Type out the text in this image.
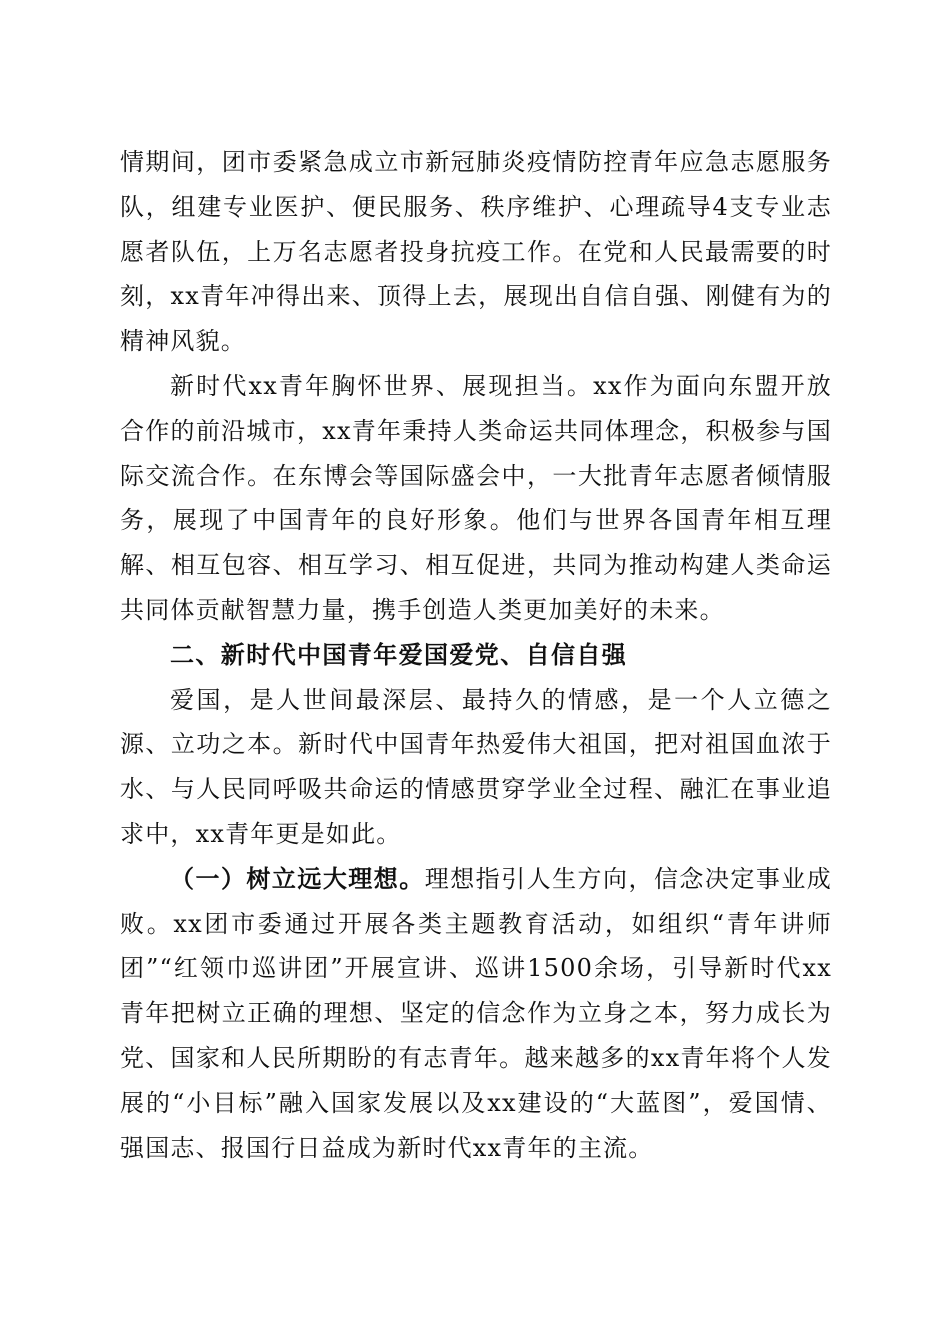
情期间，团市委紧急成立市新冠肺炎疫情防控青年应急志愿服务队，组建专业医护、便民服务、秩序维护、心理疏导4支专业志愿者队伍，上万名志愿者投身抗疫工作。在党和人民最需要的时刻，xx青年冲得出来、顶得上去，展现出自信自强、刚健有为的精神风貌。

新时代xx青年胸怀世界、展现担当。xx作为面向东盟开放合作的前沿城市，xx青年秉持人类命运共同体理念，积极参与国际交流合作。在东博会等国际盛会中，一大批青年志愿者倾情服务，展现了中国青年的良好形象。他们与世界各国青年相互理解、相互包容、相互学习、相互促进，共同为推动构建人类命运共同体贡献智慧力量，携手创造人类更加美好的未来。

二、新时代中国青年爱国爱党、自信自强

爱国，是人世间最深层、最持久的情感，是一个人立德之源、立功之本。新时代中国青年热爱伟大祖国，把对祖国血浓于水、与人民同呼吸共命运的情感贯穿学业全过程、融汇在事业追求中，xx青年更是如此。

（一）树立远大理想。理想指引人生方向，信念决定事业成败。xx团市委通过开展各类主题教育活动，如组织“青年讲师团”“红领巾巡讲团”开展宣讲、巡讲1500余场，引导新时代xx青年把树立正确的理想、坚定的信念作为立身之本，努力成长为党、国家和人民所期盼的有志青年。越来越多的xx青年将个人发展的“小目标”融入国家发展以及xx建设的“大蓝图”，爱国情、强国志、报国行日益成为新时代xx青年的主流。
